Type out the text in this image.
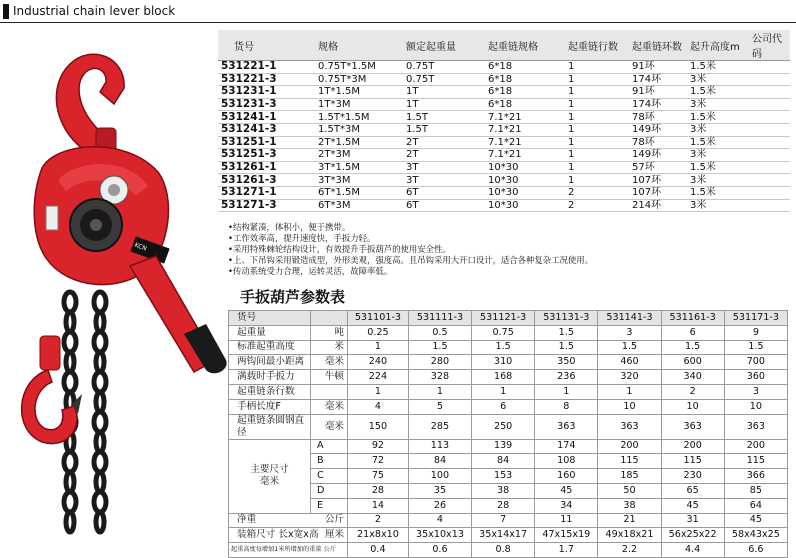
Industrial chain lever block
KCN
货号	规格	额定起重量	起重链规格	起重链行数	起重链环数	起升高度m	公司代码
531221-1	0.75T*1.5M	0.75T	6*18	1	91环	1.5米	
531221-3	0.75T*3M	0.75T	6*18	1	174环	3米	
531231-1	1T*1.5M	1T	6*18	1	91环	1.5米	
531231-3	1T*3M	1T	6*18	1	174环	3米	
531241-1	1.5T*1.5M	1.5T	7.1*21	1	78环	1.5米	
531241-3	1.5T*3M	1.5T	7.1*21	1	149环	3米	
531251-1	2T*1.5M	2T	7.1*21	1	78环	1.5米	
531251-3	2T*3M	2T	7.1*21	1	149环	3米	
531261-1	3T*1.5M	3T	10*30	1	57环	1.5米	
531261-3	3T*3M	3T	10*30	1	107环	3米	
531271-1	6T*1.5M	6T	10*30	2	107环	1.5米	
531271-3	6T*3M	6T	10*30	2	214环	3米	
•结构紧凑，体积小，便于携带。
•工作效率高，提升速度快，手扳力轻。
•采用特殊棘轮结构设计，有效提升手扳葫芦的使用安全性。
•上、下吊钩采用锻造成型，外形美观，强度高。且吊钩采用大开口设计，适合各种复杂工况使用。
•传动系统受力合理，运转灵活，故障率低。
手扳葫芦参数表
货号		531101-3	531111-3	531121-3	531131-3	531141-3	531161-3	531171-3
起重量	吨	0.25	0.5	0.75	1.5	3	6	9
标准起重高度	米	1	1.5	1.5	1.5	1.5	1.5	1.5
两钩间最小距离	毫米	240	280	310	350	460	600	700
满载时手扳力	牛顿	224	328	168	236	320	340	360
起重链条行数		1	1	1	1	1	2	3
手柄长度F	毫米	4	5	6	8	10	10	10
起重链条圆钢直径	毫米	150	285	250	363	363	363	363

主要尺寸
毫米	A	92	113	139	174	200	200	200
	B	72	84	84	108	115	115	115
	C	75	100	153	160	185	230	366
	D	28	35	38	45	50	65	85
	E	14	26	28	34	38	45	64
净重 公斤		2	4	7	11	21	31	45
装箱尺寸 长x宽x高 厘米		21x8x10	35x10x13	35x14x17	47x15x19	49x18x21	56x25x22	58x43x25
起重高度每增加1米所增加的重量 公斤		0.4	0.6	0.8	1.7	2.2	4.4	6.6
